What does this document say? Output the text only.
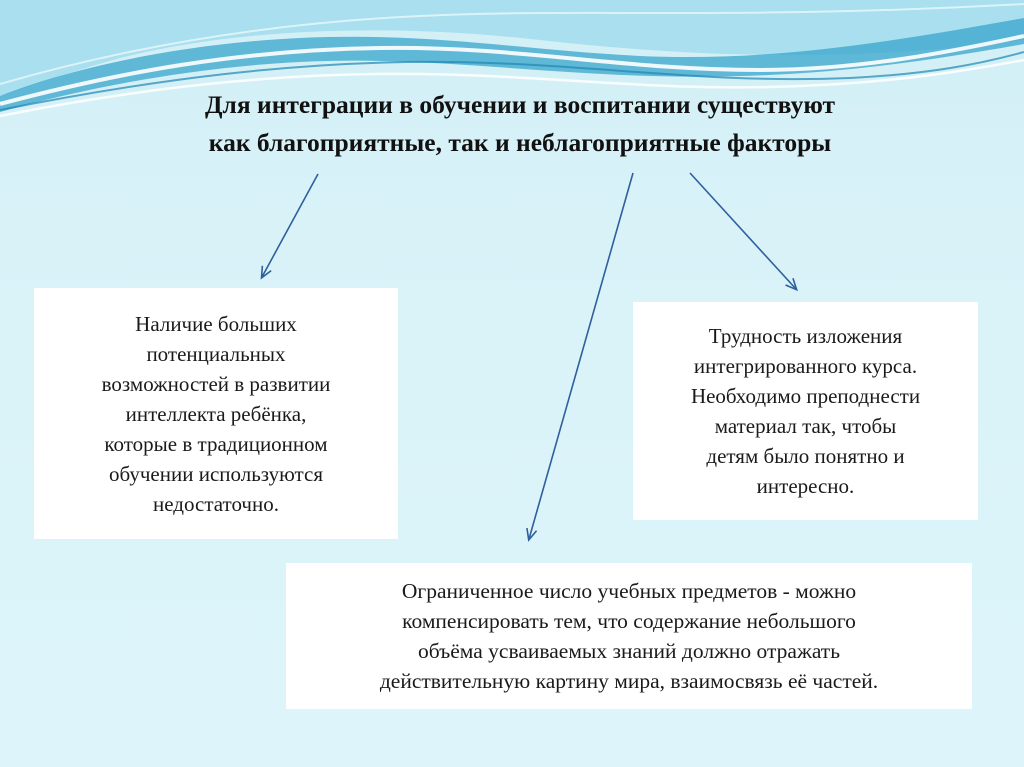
Для интеграции в обучении и воспитании существуют
как благоприятные, так и неблагоприятные факторы
Наличие больших
потенциальных
возможностей в развитии
интеллекта ребёнка,
которые в традиционном
обучении используются
недостаточно.
Трудность изложения
интегрированного курса.
Необходимо преподнести
материал так, чтобы
детям было понятно и
интересно.
Ограниченное число учебных предметов - можно
компенсировать тем, что содержание небольшого
объёма усваиваемых знаний должно отражать
действительную картину мира, взаимосвязь её частей.
